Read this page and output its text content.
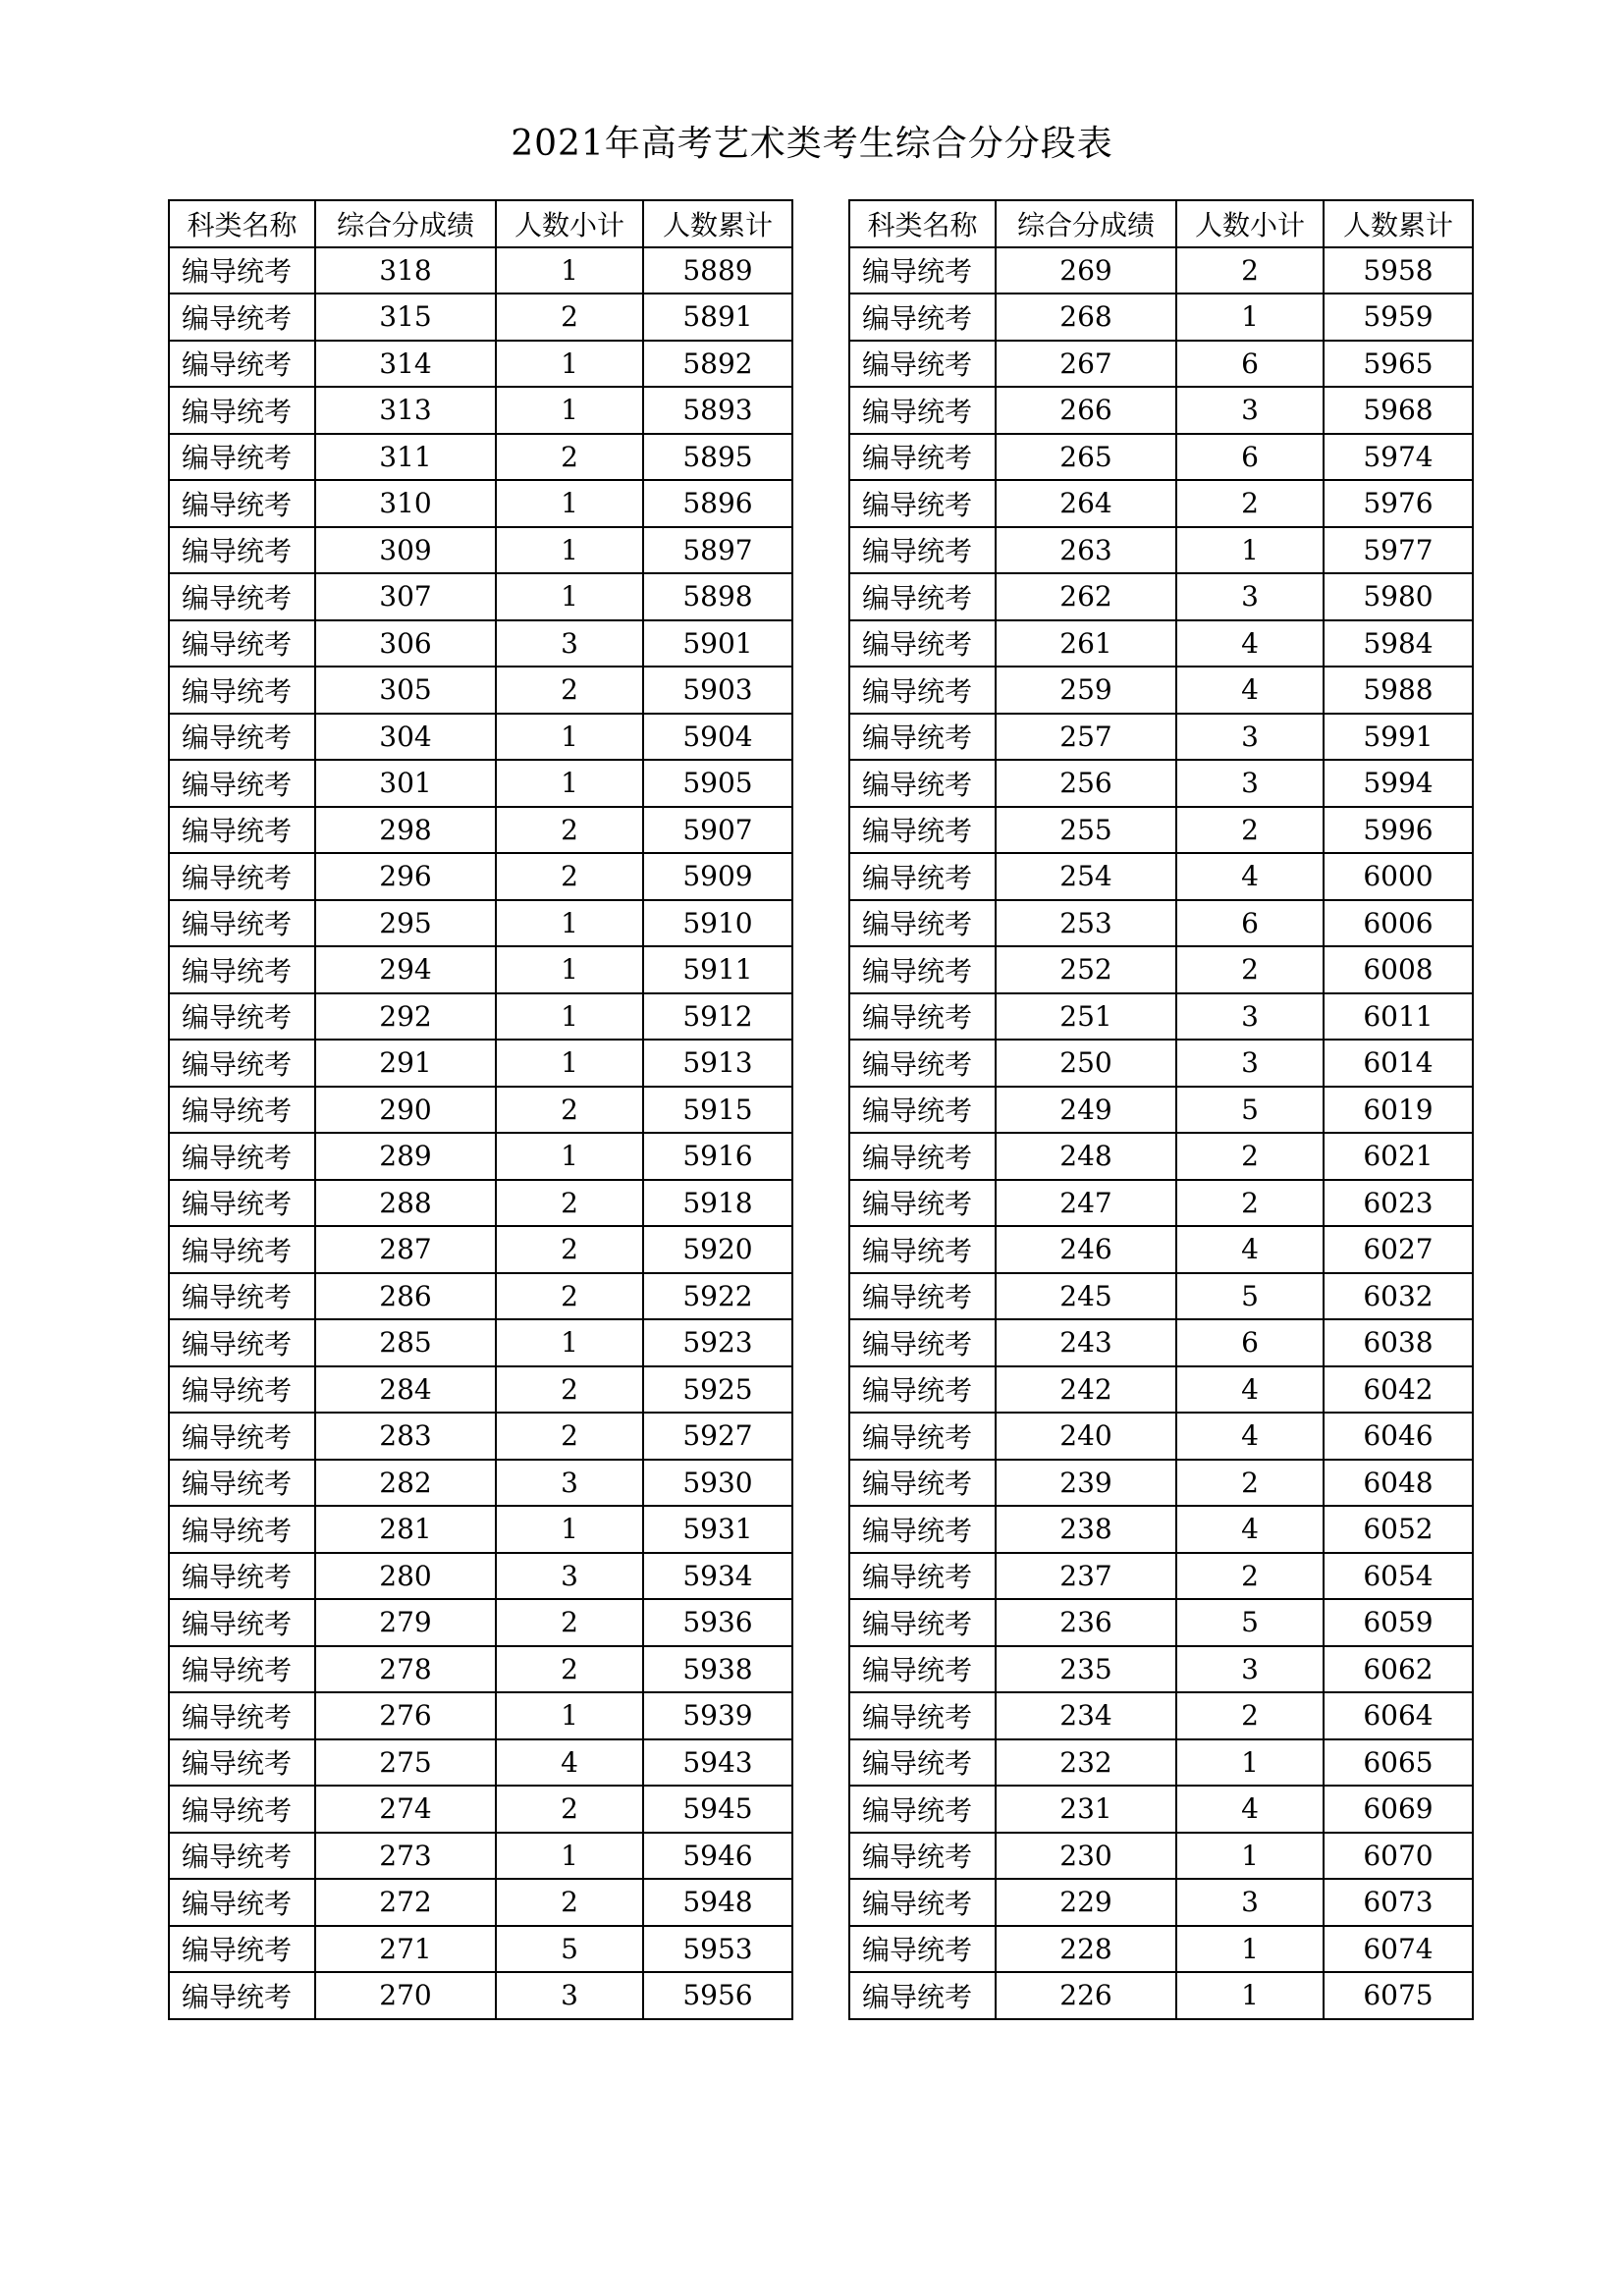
2021年高考艺术类考生综合分分段表
科类名称	综合分成绩	人数小计	人数累计
编导统考	318	1	5889
编导统考	315	2	5891
编导统考	314	1	5892
编导统考	313	1	5893
编导统考	311	2	5895
编导统考	310	1	5896
编导统考	309	1	5897
编导统考	307	1	5898
编导统考	306	3	5901
编导统考	305	2	5903
编导统考	304	1	5904
编导统考	301	1	5905
编导统考	298	2	5907
编导统考	296	2	5909
编导统考	295	1	5910
编导统考	294	1	5911
编导统考	292	1	5912
编导统考	291	1	5913
编导统考	290	2	5915
编导统考	289	1	5916
编导统考	288	2	5918
编导统考	287	2	5920
编导统考	286	2	5922
编导统考	285	1	5923
编导统考	284	2	5925
编导统考	283	2	5927
编导统考	282	3	5930
编导统考	281	1	5931
编导统考	280	3	5934
编导统考	279	2	5936
编导统考	278	2	5938
编导统考	276	1	5939
编导统考	275	4	5943
编导统考	274	2	5945
编导统考	273	1	5946
编导统考	272	2	5948
编导统考	271	5	5953
编导统考	270	3	5956
科类名称	综合分成绩	人数小计	人数累计
编导统考	269	2	5958
编导统考	268	1	5959
编导统考	267	6	5965
编导统考	266	3	5968
编导统考	265	6	5974
编导统考	264	2	5976
编导统考	263	1	5977
编导统考	262	3	5980
编导统考	261	4	5984
编导统考	259	4	5988
编导统考	257	3	5991
编导统考	256	3	5994
编导统考	255	2	5996
编导统考	254	4	6000
编导统考	253	6	6006
编导统考	252	2	6008
编导统考	251	3	6011
编导统考	250	3	6014
编导统考	249	5	6019
编导统考	248	2	6021
编导统考	247	2	6023
编导统考	246	4	6027
编导统考	245	5	6032
编导统考	243	6	6038
编导统考	242	4	6042
编导统考	240	4	6046
编导统考	239	2	6048
编导统考	238	4	6052
编导统考	237	2	6054
编导统考	236	5	6059
编导统考	235	3	6062
编导统考	234	2	6064
编导统考	232	1	6065
编导统考	231	4	6069
编导统考	230	1	6070
编导统考	229	3	6073
编导统考	228	1	6074
编导统考	226	1	6075
